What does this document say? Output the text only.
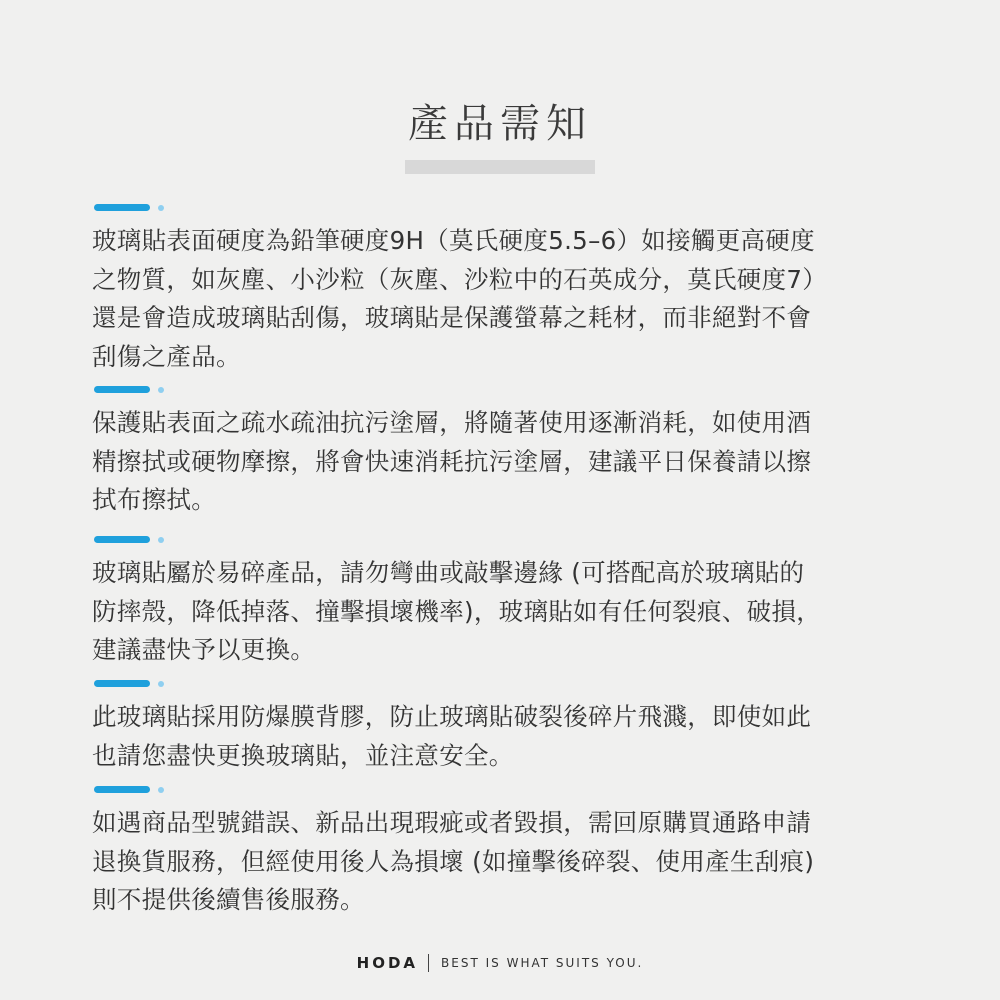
產品需知

玻璃貼表面硬度為鉛筆硬度9H（莫氏硬度5.5–6）如接觸更高硬度
之物質，如灰塵、小沙粒（灰塵、沙粒中的石英成分，莫氏硬度7）
還是會造成玻璃貼刮傷，玻璃貼是保護螢幕之耗材，而非絕對不會
刮傷之產品。

保護貼表面之疏水疏油抗污塗層，將隨著使用逐漸消耗，如使用酒
精擦拭或硬物摩擦，將會快速消耗抗污塗層，建議平日保養請以擦
拭布擦拭。

玻璃貼屬於易碎產品，請勿彎曲或敲擊邊緣 (可搭配高於玻璃貼的
防摔殼，降低掉落、撞擊損壞機率)，玻璃貼如有任何裂痕、破損，
建議盡快予以更換。

此玻璃貼採用防爆膜背膠，防止玻璃貼破裂後碎片飛濺，即使如此
也請您盡快更換玻璃貼，並注意安全。

如遇商品型號錯誤、新品出現瑕疵或者毀損，需回原購買通路申請
退換貨服務，但經使用後人為損壞 (如撞擊後碎裂、使用產生刮痕)
則不提供後續售後服務。

HODA BEST IS WHAT SUITS YOU.
